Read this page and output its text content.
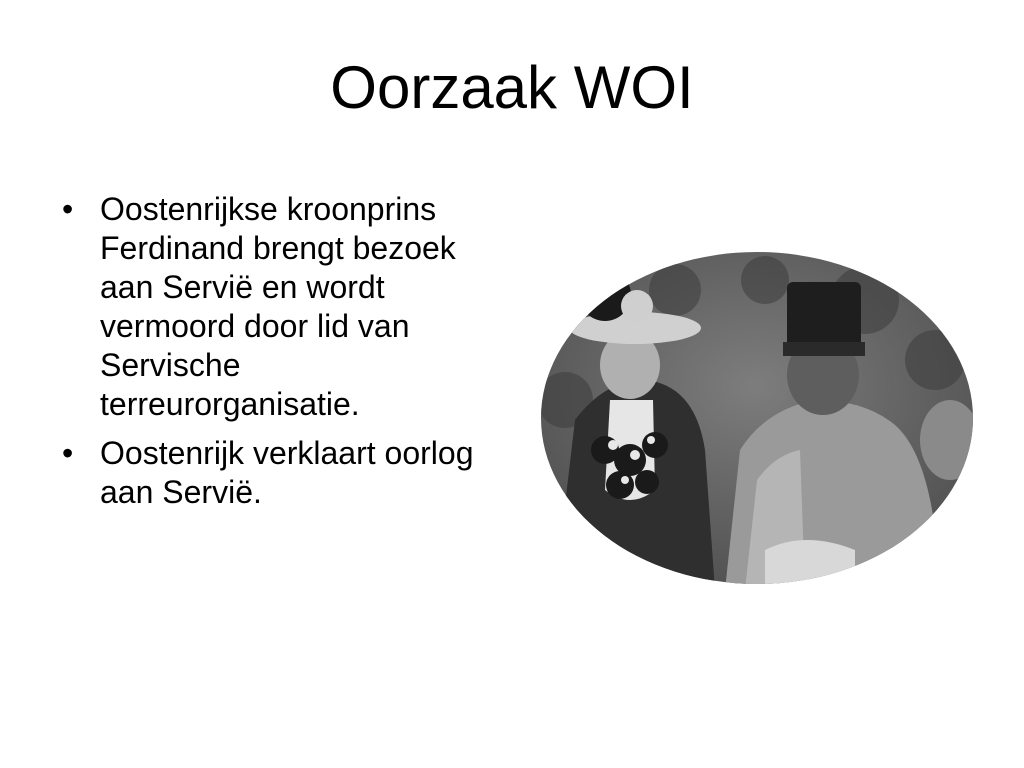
Oorzaak WOI
• Oostenrijkse kroonprins Ferdinand brengt bezoek aan Servië en wordt vermoord door lid van Servische terreurorganisatie.
• Oostenrijk verklaart oorlog aan Servië.
